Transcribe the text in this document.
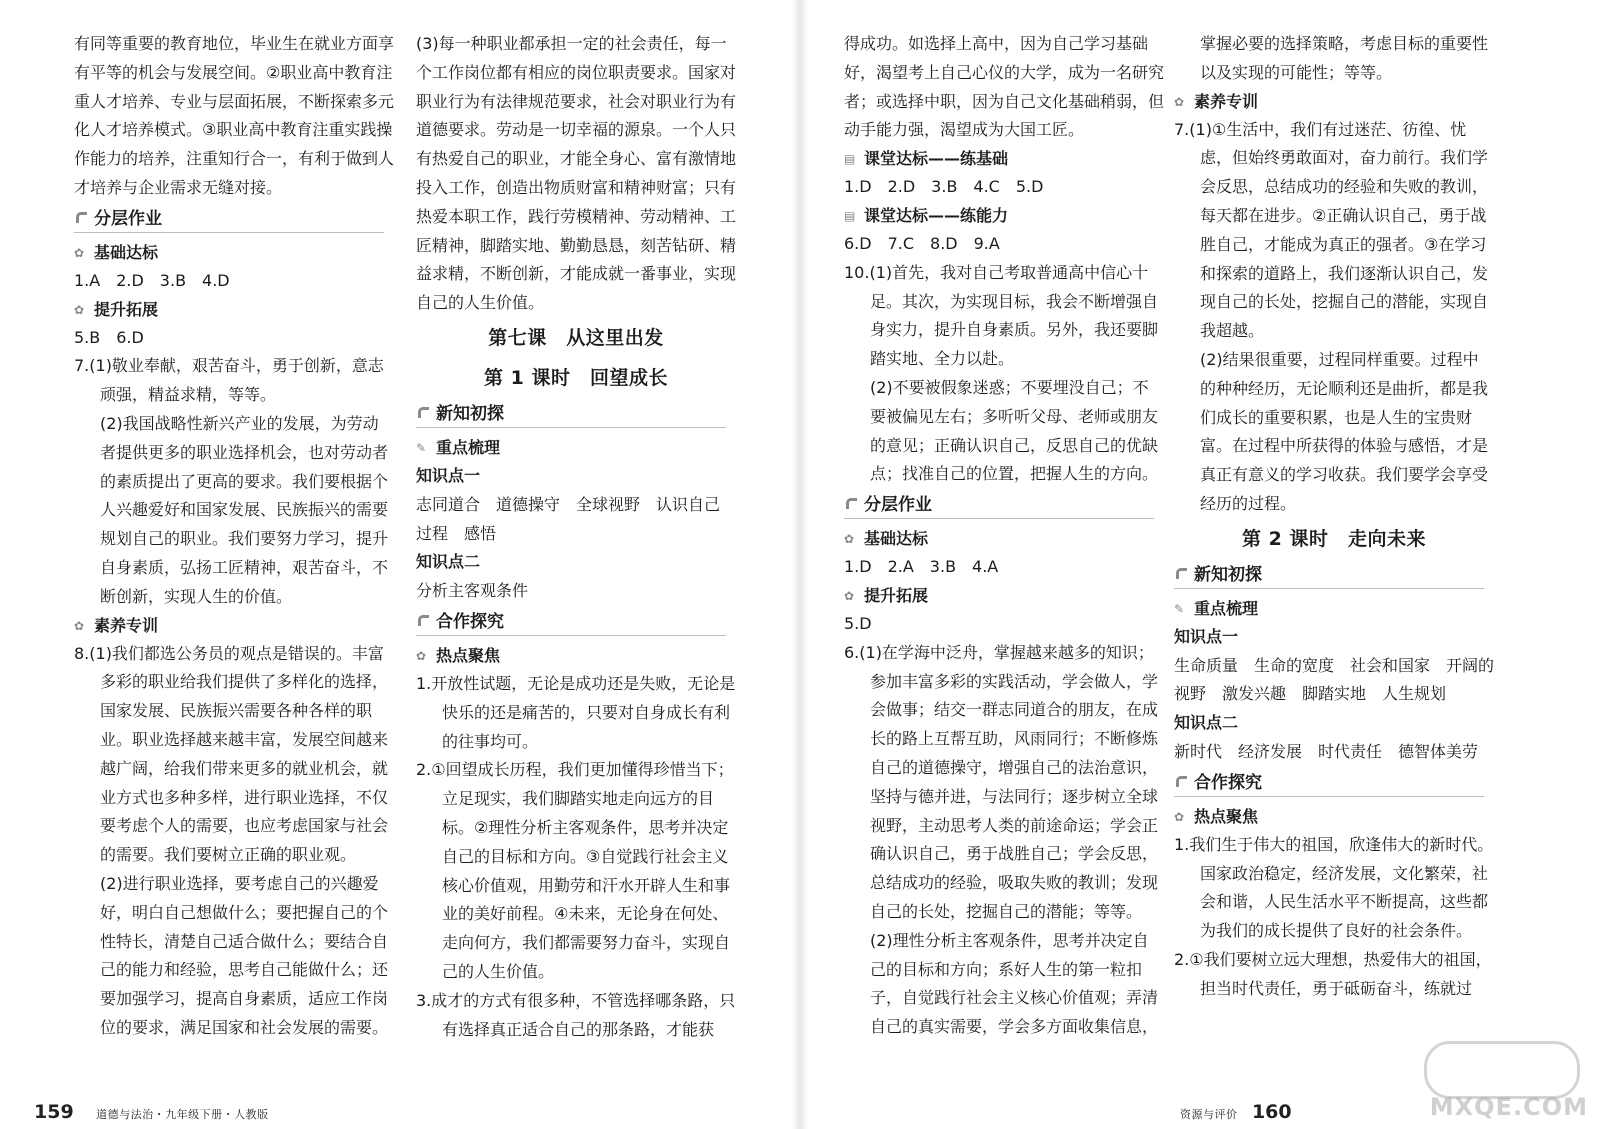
有同等重要的教育地位，毕业生在就业方面享有平等的机会与发展空间。②职业高中教育注重人才培养、专业与层面拓展，不断探索多元化人才培养模式。③职业高中教育注重实践操作能力的培养，注重知行合一，有利于做到人才培养与企业需求无缝对接。
分层作业
✿ 基础达标
1.A　2.D　3.B　4.D
✿ 提升拓展
5.B　6.D
7.(1)敬业奉献，艰苦奋斗，勇于创新，意志顽强，精益求精，等等。
(2)我国战略性新兴产业的发展，为劳动者提供更多的职业选择机会，也对劳动者的素质提出了更高的要求。我们要根据个人兴趣爱好和国家发展、民族振兴的需要规划自己的职业。我们要努力学习，提升自身素质，弘扬工匠精神，艰苦奋斗，不断创新，实现人生的价值。
✿ 素养专训
8.(1)我们都选公务员的观点是错误的。丰富多彩的职业给我们提供了多样化的选择，国家发展、民族振兴需要各种各样的职业。职业选择越来越丰富，发展空间越来越广阔，给我们带来更多的就业机会，就业方式也多种多样，进行职业选择，不仅要考虑个人的需要，也应考虑国家与社会的需要。我们要树立正确的职业观。
(2)进行职业选择，要考虑自己的兴趣爱好，明白自己想做什么；要把握自己的个性特长，清楚自己适合做什么；要结合自己的能力和经验，思考自己能做什么；还要加强学习，提高自身素质，适应工作岗位的要求，满足国家和社会发展的需要。
(3)每一种职业都承担一定的社会责任，每一个工作岗位都有相应的岗位职责要求。国家对职业行为有法律规范要求，社会对职业行为有道德要求。劳动是一切幸福的源泉。一个人只有热爱自己的职业，才能全身心、富有激情地投入工作，创造出物质财富和精神财富；只有热爱本职工作，践行劳模精神、劳动精神、工匠精神，脚踏实地、勤勤恳恳，刻苦钻研、精益求精，不断创新，才能成就一番事业，实现自己的人生价值。
第七课　从这里出发
第 1 课时　回望成长
新知初探
✎ 重点梳理
知识点一
志同道合　道德操守　全球视野　认识自己　过程　感悟
知识点二
分析主客观条件
合作探究
✿ 热点聚焦
1.开放性试题，无论是成功还是失败，无论是快乐的还是痛苦的，只要对自身成长有利的往事均可。
2.①回望成长历程，我们更加懂得珍惜当下；立足现实，我们脚踏实地走向远方的目标。②理性分析主客观条件，思考并决定自己的目标和方向。③自觉践行社会主义核心价值观，用勤劳和汗水开辟人生和事业的美好前程。④未来，无论身在何处、走向何方，我们都需要努力奋斗，实现自己的人生价值。
3.成才的方式有很多种，不管选择哪条路，只有选择真正适合自己的那条路，才能获
159 道德与法治・九年级下册・人教版
得成功。如选择上高中，因为自己学习基础好，渴望考上自己心仪的大学，成为一名研究者；或选择中职，因为自己文化基础稍弱，但动手能力强，渴望成为大国工匠。
▤ 课堂达标——练基础
1.D　2.D　3.B　4.C　5.D
▤ 课堂达标——练能力
6.D　7.C　8.D　9.A
10.(1)首先，我对自己考取普通高中信心十足。其次，为实现目标，我会不断增强自身实力，提升自身素质。另外，我还要脚踏实地、全力以赴。
(2)不要被假象迷惑；不要埋没自己；不要被偏见左右；多听听父母、老师或朋友的意见；正确认识自己，反思自己的优缺点；找准自己的位置，把握人生的方向。
分层作业
✿ 基础达标
1.D　2.A　3.B　4.A
✿ 提升拓展
5.D
6.(1)在学海中泛舟，掌握越来越多的知识；参加丰富多彩的实践活动，学会做人，学会做事；结交一群志同道合的朋友，在成长的路上互帮互助，风雨同行；不断修炼自己的道德操守，增强自己的法治意识，坚持与德并进，与法同行；逐步树立全球视野，主动思考人类的前途命运；学会正确认识自己，勇于战胜自己；学会反思，总结成功的经验，吸取失败的教训；发现自己的长处，挖掘自己的潜能；等等。
(2)理性分析主客观条件，思考并决定自己的目标和方向；系好人生的第一粒扣子，自觉践行社会主义核心价值观；弄清自己的真实需要，学会多方面收集信息，
掌握必要的选择策略，考虑目标的重要性以及实现的可能性；等等。
✿ 素养专训
7.(1)①生活中，我们有过迷茫、彷徨、忧虑，但始终勇敢面对，奋力前行。我们学会反思，总结成功的经验和失败的教训，每天都在进步。②正确认识自己，勇于战胜自己，才能成为真正的强者。③在学习和探索的道路上，我们逐渐认识自己，发现自己的长处，挖掘自己的潜能，实现自我超越。
(2)结果很重要，过程同样重要。过程中的种种经历，无论顺利还是曲折，都是我们成长的重要积累，也是人生的宝贵财富。在过程中所获得的体验与感悟，才是真正有意义的学习收获。我们要学会享受经历的过程。
第 2 课时　走向未来
新知初探
✎ 重点梳理
知识点一
生命质量　生命的宽度　社会和国家　开阔的视野　激发兴趣　脚踏实地　人生规划
知识点二
新时代　经济发展　时代责任　德智体美劳
合作探究
✿ 热点聚焦
1.我们生于伟大的祖国，欣逢伟大的新时代。国家政治稳定，经济发展，文化繁荣，社会和谐，人民生活水平不断提高，这些都为我们的成长提供了良好的社会条件。
2.①我们要树立远大理想，热爱伟大的祖国，担当时代责任，勇于砥砺奋斗，练就过
资源与评价 160	MXQE.COM
